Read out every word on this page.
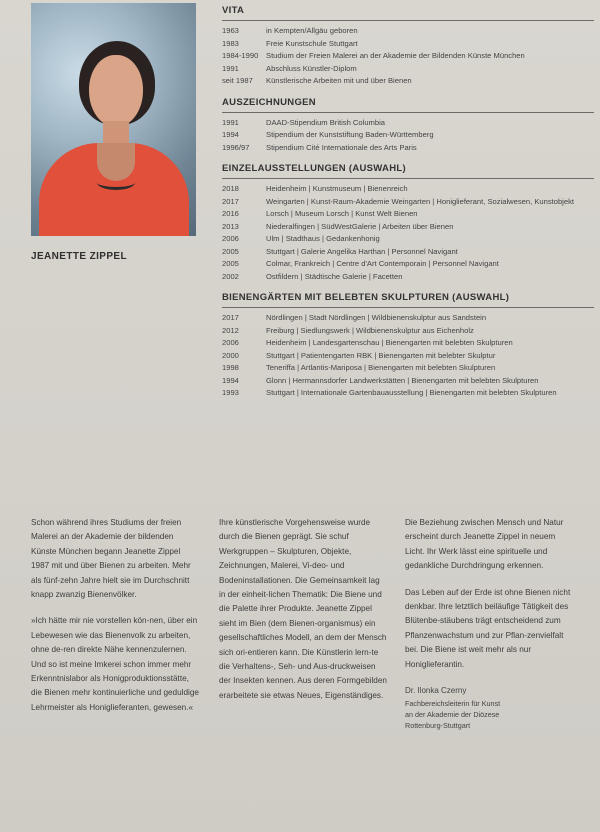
JEANETTE ZIPPEL
VITA
1963	in Kempten/Allgäu geboren
1983	Freie Kunstschule Stuttgart
1984-1990	Studium der Freien Malerei an der Akademie der Bildenden Künste München
1991	Abschluss Künstler-Diplom
seit 1987	Künstlerische Arbeiten mit und über Bienen
AUSZEICHNUNGEN
1991	DAAD-Stipendium British Columbia
1994	Stipendium der Kunststiftung Baden-Württemberg
1996/97	Stipendium Cité Internationale des Arts Paris
EINZELAUSSTELLUNGEN (AUSWAHL)
2018	Heidenheim | Kunstmuseum | Bienenreich
2017	Weingarten | Kunst-Raum-Akademie Weingarten | Honiglieferant, Sozialwesen, Kunstobjekt
2016	Lorsch | Museum Lorsch | Kunst Welt Bienen
2013	Niederalfingen | SüdWestGalerie | Arbeiten über Bienen
2006	Ulm | Stadthaus | Gedankenhonig
2005	Stuttgart | Galerie Angelika Harthan | Personnel Navigant
2005	Colmar, Frankreich | Centre d'Art Contemporain | Personnel Navigant
2002	Ostfildern | Städtische Galerie | Facetten
BIENENGÄRTEN MIT BELEBTEN SKULPTUREN (AUSWAHL)
2017	Nördlingen | Stadt Nördlingen | Wildbienenskulptur aus Sandstein
2012	Freiburg | Siedlungswerk | Wildbienenskulptur aus Eichenholz
2006	Heidenheim | Landesgartenschau | Bienengarten mit belebten Skulpturen
2000	Stuttgart | Patientengarten RBK | Bienengarten mit belebter Skulptur
1998	Teneriffa | Artlantis-Mariposa | Bienengarten mit belebten Skulpturen
1994	Glonn | Hermannsdorfer Landwerkstätten | Bienengarten mit belebten Skulpturen
1993	Stuttgart | Internationale Gartenbauausstellung | Bienengarten mit belebten Skulpturen

Schon während ihres Studiums der freien Malerei an der Akademie der bildenden Künste München begann Jeanette Zippel 1987 mit und über Bienen zu arbeiten. Mehr als fünf-zehn Jahre hielt sie im Durchschnitt knapp zwanzig Bienenvölker.

»Ich hätte mir nie vorstellen kön-nen, über ein Lebewesen wie das Bienenvolk zu arbeiten, ohne de-ren direkte Nähe kennenzulernen. Und so ist meine Imkerei schon immer mehr Erkenntnislabor als Honigproduktionsstätte, die Bienen mehr kontinuierliche und geduldige Lehrmeister als Honiglieferanten, gewesen.«

Ihre künstlerische Vorgehensweise wurde durch die Bienen geprägt. Sie schuf Werkgruppen – Skulpturen, Objekte, Zeichnungen, Malerei, Vi-deo- und Bodeninstallationen. Die Gemeinsamkeit lag in der einheit-lichen Thematik: Die Biene und die Palette ihrer Produkte. Jeanette Zippel sieht im Bien (dem Bienen-organismus) ein gesellschaftliches Modell, an dem der Mensch sich ori-entieren kann. Die Künstlerin lern-te die Verhaltens-, Seh- und Aus-druckweisen der Insekten kennen. Aus deren Formgebilden erarbeitete sie etwas Neues, Eigenständiges.

Die Beziehung zwischen Mensch und Natur erscheint durch Jeanette Zippel in neuem Licht. Ihr Werk lässt eine spirituelle und gedankliche Durchdringung erkennen.

Das Leben auf der Erde ist ohne Bienen nicht denkbar. Ihre letztlich beiläufige Tätigkeit des Blütenbe-stäubens trägt entscheidend zum Pflanzenwachstum und zur Pflan-zenvielfalt bei. Die Biene ist weit mehr als nur Honiglieferantin.

Dr. Ilonka Czerny
Fachbereichsleiterin für Kunst
an der Akademie der Diözese
Rottenburg-Stuttgart
